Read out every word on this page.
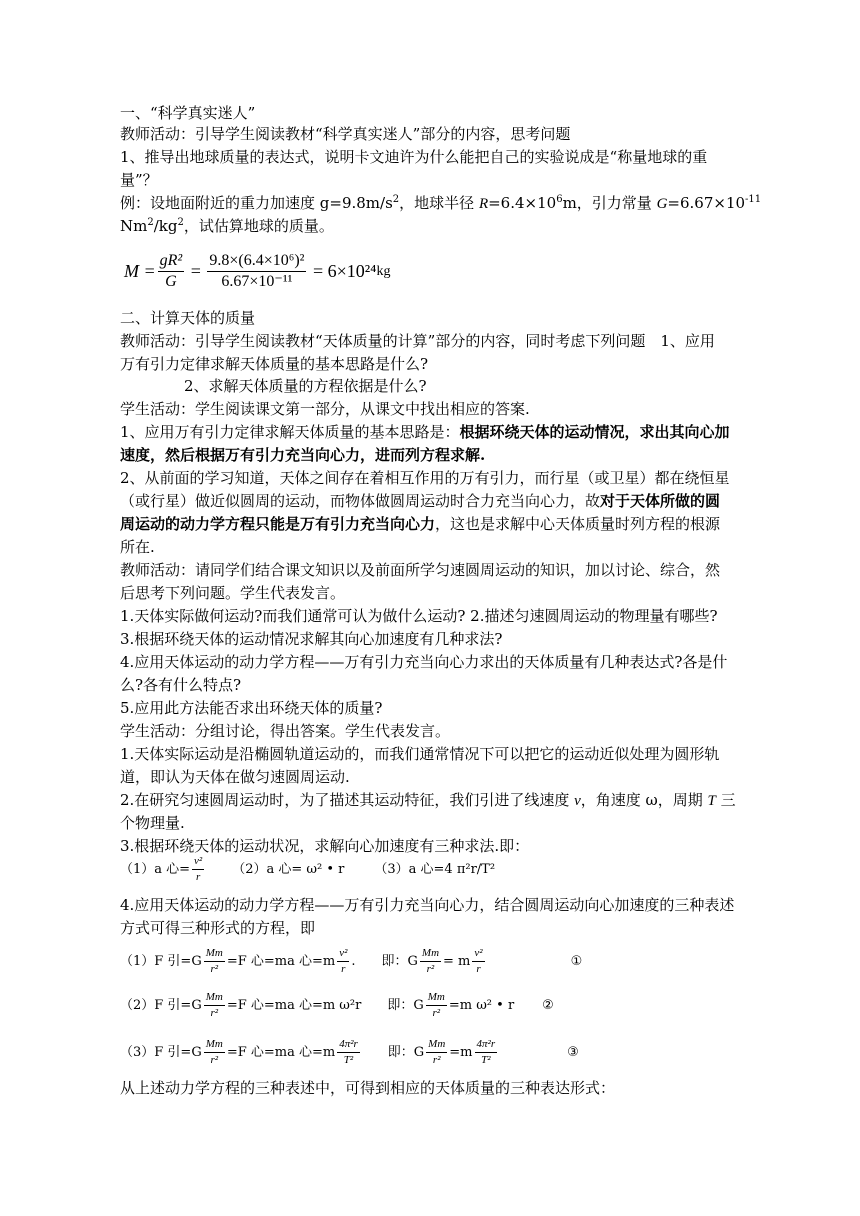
一、“科学真实迷人”
教师活动：引导学生阅读教材“科学真实迷人”部分的内容，思考问题
1、推导出地球质量的表达式，说明卡文迪许为什么能把自己的实验说成是“称量地球的重
量”？
例：设地面附近的重力加速度 $g=9.8m/s^2$，地球半径 $R=6.4\times 10^6m$，引力常量 $G=6.67\times 10^{-11}$
$Nm^2/kg^2$，试估算地球的质量。
$M = \frac{\text{gR²}}{G} = \frac{\text{9.8×(6.4×10⁶)²}}{\text{6.67×10⁻¹¹}}$
= 6×10²⁴ kg
二、计算天体的质量
教师活动：引导学生阅读教材“天体质量的计算”部分的内容，同时考虑下列问题　1、应用
万有引力定律求解天体质量的基本思路是什么?
2、求解天体质量的方程依据是什么?
学生活动：学生阅读课文第一部分，从课文中找出相应的答案.
1、应用万有引力定律求解天体质量的基本思路是：根据环绕天体的运动情况，求出其向心加
速度，然后根据万有引力充当向心力，进而列方程求解.
2、从前面的学习知道，天体之间存在着相互作用的万有引力，而行星（或卫星）都在绕恒星
（或行星）做近似圆周的运动，而物体做圆周运动时合力充当向心力，故对于天体所做的圆
周运动的动力学方程只能是万有引力充当向心力，这也是求解中心天体质量时列方程的根源
所在.
教师活动：请同学们结合课文知识以及前面所学匀速圆周运动的知识，加以讨论、综合，然
后思考下列问题。学生代表发言。
1.天体实际做何运动?而我们通常可认为做什么运动? 2.描述匀速圆周运动的物理量有哪些?
3.根据环绕天体的运动情况求解其向心加速度有几种求法?
4.应用天体运动的动力学方程——万有引力充当向心力求出的天体质量有几种表达式?各是什
么?各有什么特点?
5.应用此方法能否求出环绕天体的质量?
学生活动：分组讨论，得出答案。学生代表发言。
1.天体实际运动是沿椭圆轨道运动的，而我们通常情况下可以把它的运动近似处理为圆形轨
道，即认为天体在做匀速圆周运动.
2.在研究匀速圆周运动时，为了描述其运动特征，我们引进了线速度 v，角速度 ω，周期 T 三
个物理量.
3.根据环绕天体的运动状况，求解向心加速度有三种求法.即：
（1）a 心= $\frac{\text{v²}}{r} (2)a$ 心= ω² • r （3）a 心=4 π²r/T²
4.应用天体运动的动力学方程——万有引力充当向心力，结合圆周运动向心加速度的三种表述
方式可得三种形式的方程，即
（1）F 引$=G \frac{Mm}{\text{r²}} =F$ 心=ma 心$=m \frac{\text{v²}}{r}$ .　　即：G $\frac{Mm}{\text{r²}} = m \frac{\text{v²}}{r}$	①
（2）F 引$=G \frac{Mm}{\text{r²}} =F$ 心=ma 心=m ω²r　　即：G $\frac{Mm}{\text{r²}} =m$ ω² • r ②
（3）F 引$=G \frac{Mm}{\text{r²}} =F$ 心=ma 心$=m \frac{\text{4π²r}}{\text{T²}}$ 　　即：G $\frac{Mm}{\text{r²}} =m \frac{\text{4π²r}}{\text{T²}}$	③
从上述动力学方程的三种表述中，可得到相应的天体质量的三种表达形式：
